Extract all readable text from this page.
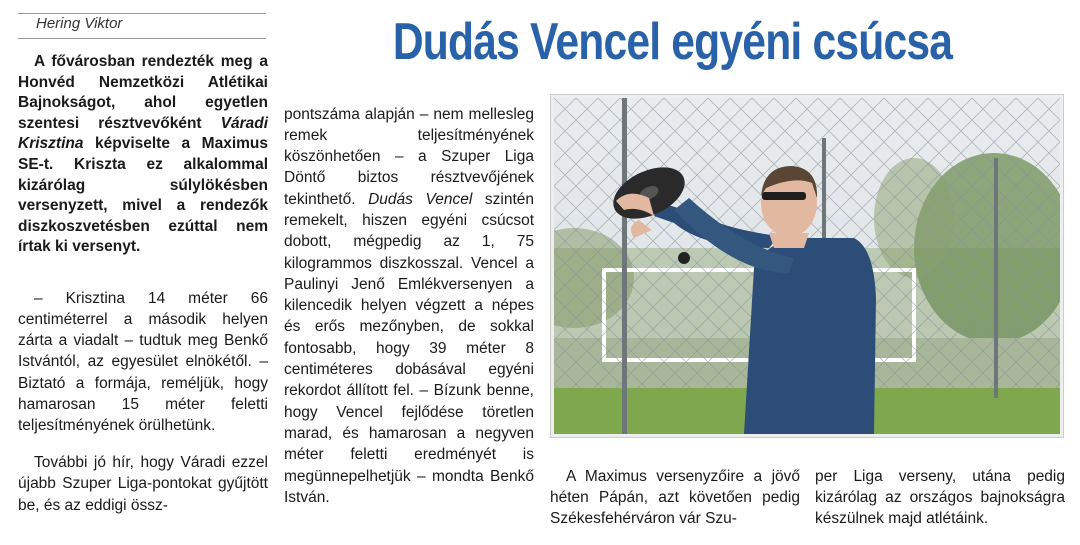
Hering Viktor	Dudás Vencel egyéni csúcsa
A fővárosban rendezték meg a Honvéd Nemzetközi Atlétikai Bajnokságot, ahol egyetlen szentesi résztvevőként Váradi Krisztina képviselte a Maximus SE-t. Kriszta ez alkalommal kizárólag súlylökésben versenyzett, mivel a rendezők diszkoszvetésben ezúttal nem írtak ki versenyt.

– Krisztina 14 méter 66 centiméterrel a második helyen zárta a viadalt – tudtuk meg Benkő Istvántól, az egyesület elnökétől. – Biztató a formája, reméljük, hogy hamarosan 15 méter feletti teljesítményének örülhetünk.

További jó hír, hogy Váradi ezzel újabb Szuper Liga-pontokat gyűjtött be, és az eddigi össz-

pontszáma alapján – nem mellesleg remek teljesítményének köszönhetően – a Szuper Liga Döntő biztos résztvevőjének tekinthető. Dudás Vencel szintén remekelt, hiszen egyéni csúcsot dobott, mégpedig az 1, 75 kilogrammos diszkosszal. Vencel a Paulinyi Jenő Emlékversenyen a kilencedik helyen végzett a népes és erős mezőnyben, de sokkal fontosabb, hogy 39 méter 8 centiméteres dobásával egyéni rekordot állított fel. – Bízunk benne, hogy Vencel fejlődése töretlen marad, és hamarosan a negyven méter feletti eredményét is megünnepelhetjük – mondta Benkő István.

A Maximus versenyzőire a jövő héten Pápán, azt követően pedig Székesfehérváron vár Szu-

per Liga verseny, utána pedig kizárólag az országos bajnokságra készülnek majd atlétáink.
